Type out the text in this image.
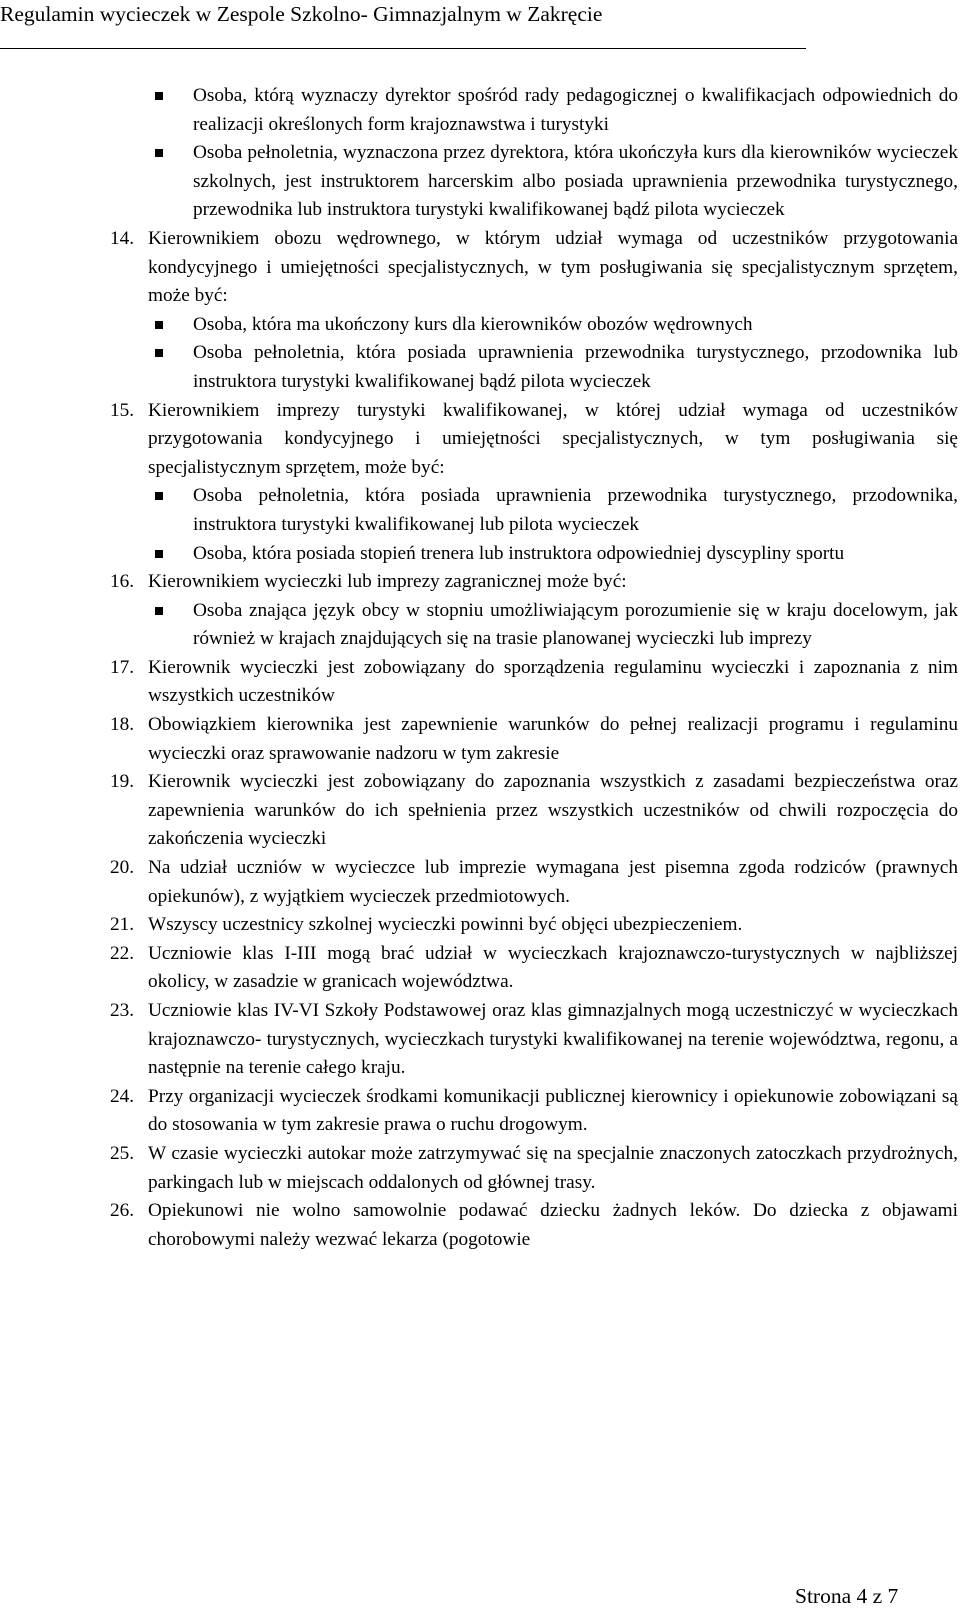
Regulamin wycieczek w Zespole Szkolno- Gimnazjalnym w Zakręcie
Osoba, którą wyznaczy dyrektor spośród rady pedagogicznej o kwalifikacjach odpowiednich do realizacji określonych form krajoznawstwa i turystyki
Osoba pełnoletnia, wyznaczona przez dyrektora, która ukończyła kurs dla kierowników wycieczek szkolnych, jest instruktorem harcerskim albo posiada uprawnienia przewodnika turystycznego, przewodnika lub instruktora turystyki kwalifikowanej bądź pilota wycieczek
14. Kierownikiem obozu wędrownego, w którym udział wymaga od uczestników przygotowania kondycyjnego i umiejętności specjalistycznych, w tym posługiwania się specjalistycznym sprzętem, może być:
Osoba, która ma ukończony kurs dla kierowników obozów wędrownych
Osoba pełnoletnia, która posiada uprawnienia przewodnika turystycznego, przodownika lub instruktora turystyki kwalifikowanej bądź pilota wycieczek
15. Kierownikiem imprezy turystyki kwalifikowanej, w której udział wymaga od uczestników przygotowania kondycyjnego i umiejętności specjalistycznych, w tym posługiwania się specjalistycznym sprzętem, może być:
Osoba pełnoletnia, która posiada uprawnienia przewodnika turystycznego, przodownika, instruktora turystyki kwalifikowanej lub pilota wycieczek
Osoba, która posiada stopień trenera lub instruktora odpowiedniej dyscypliny sportu
16. Kierownikiem wycieczki lub imprezy zagranicznej może być:
Osoba znająca język obcy w stopniu umożliwiającym porozumienie się w kraju docelowym, jak również w krajach znajdujących się na trasie planowanej wycieczki lub imprezy
17. Kierownik wycieczki jest zobowiązany do sporządzenia regulaminu wycieczki i zapoznania z nim wszystkich uczestników
18. Obowiązkiem kierownika jest zapewnienie warunków do pełnej realizacji programu i regulaminu wycieczki oraz sprawowanie nadzoru w tym zakresie
19. Kierownik wycieczki jest zobowiązany do zapoznania wszystkich z zasadami bezpieczeństwa oraz zapewnienia warunków do ich spełnienia przez wszystkich uczestników od chwili rozpoczęcia do zakończenia wycieczki
20. Na udział uczniów w wycieczce lub imprezie wymagana jest pisemna zgoda rodziców (prawnych opiekunów), z wyjątkiem wycieczek przedmiotowych.
21. Wszyscy uczestnicy szkolnej wycieczki powinni być objęci ubezpieczeniem.
22. Uczniowie klas I-III mogą brać udział w wycieczkach krajoznawczo-turystycznych w najbliższej okolicy, w zasadzie w granicach województwa.
23. Uczniowie klas IV-VI Szkoły Podstawowej oraz klas gimnazjalnych mogą uczestniczyć w wycieczkach krajoznawczo- turystycznych, wycieczkach turystyki kwalifikowanej na terenie województwa, regonu, a następnie na terenie całego kraju.
24. Przy organizacji wycieczek środkami komunikacji publicznej kierownicy i opiekunowie zobowiązani są do stosowania w tym zakresie prawa o ruchu drogowym.
25. W czasie wycieczki autokar może zatrzymywać się na specjalnie znaczonych zatoczkach przydrożnych, parkingach lub w miejscach oddalonych od głównej trasy.
26. Opiekunowi nie wolno samowolnie podawać dziecku żadnych leków. Do dziecka z objawami chorobowymi należy wezwać lekarza (pogotowie
Strona 4 z 7
